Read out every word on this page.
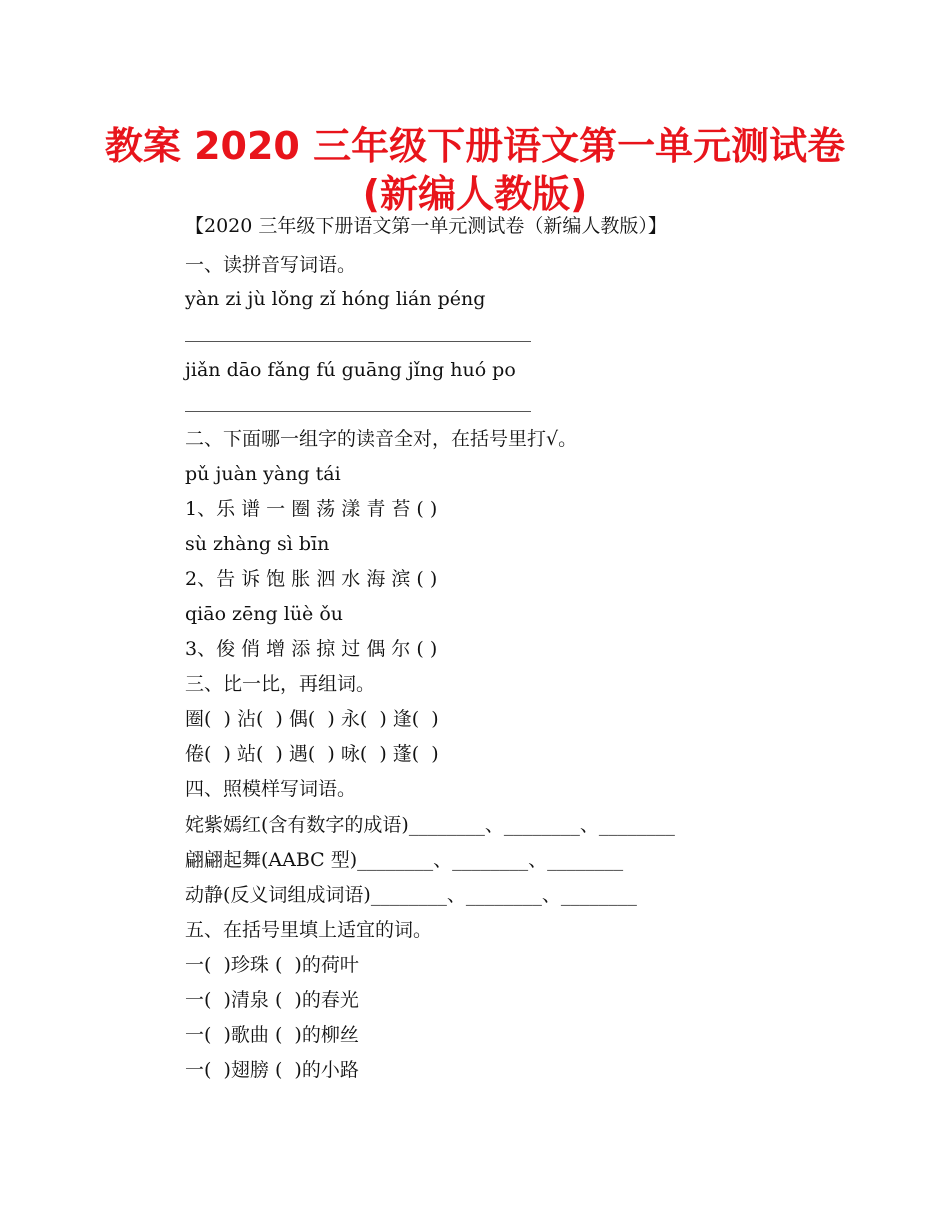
教案 2020 三年级下册语文第一单元测试卷
(新编人教版)

【2020 三年级下册语文第一单元测试卷（新编人教版）】

一、读拼音写词语。

yàn zi jù lǒng zǐ hóng lián péng

jiǎn dāo fǎng fú guāng jǐng huó po

二、下面哪一组字的读音全对，在括号里打√。

pǔ juàn yàng tái

1、乐 谱 一 圈 荡 漾 青 苔 ( )

sù zhàng sì bīn

2、告 诉 饱 胀 泗 水 海 滨 ( )

qiāo zēng lüè ǒu

3、俊 俏 增 添 掠 过 偶 尔 ( )

三、比一比，再组词。

圈(  ) 沾(  ) 偶(  ) 永(  ) 逢(  )

倦(  ) 站(  ) 遇(  ) 咏(  ) 蓬(  )

四、照模样写词语。

姹紫嫣红(含有数字的成语)________、________、________

翩翩起舞(AABC 型)________、________、________

动静(反义词组成词语)________、________、________

五、在括号里填上适宜的词。

一(  )珍珠 (  )的荷叶

一(  )清泉 (  )的春光

一(  )歌曲 (  )的柳丝

一(  )翅膀 (  )的小路
